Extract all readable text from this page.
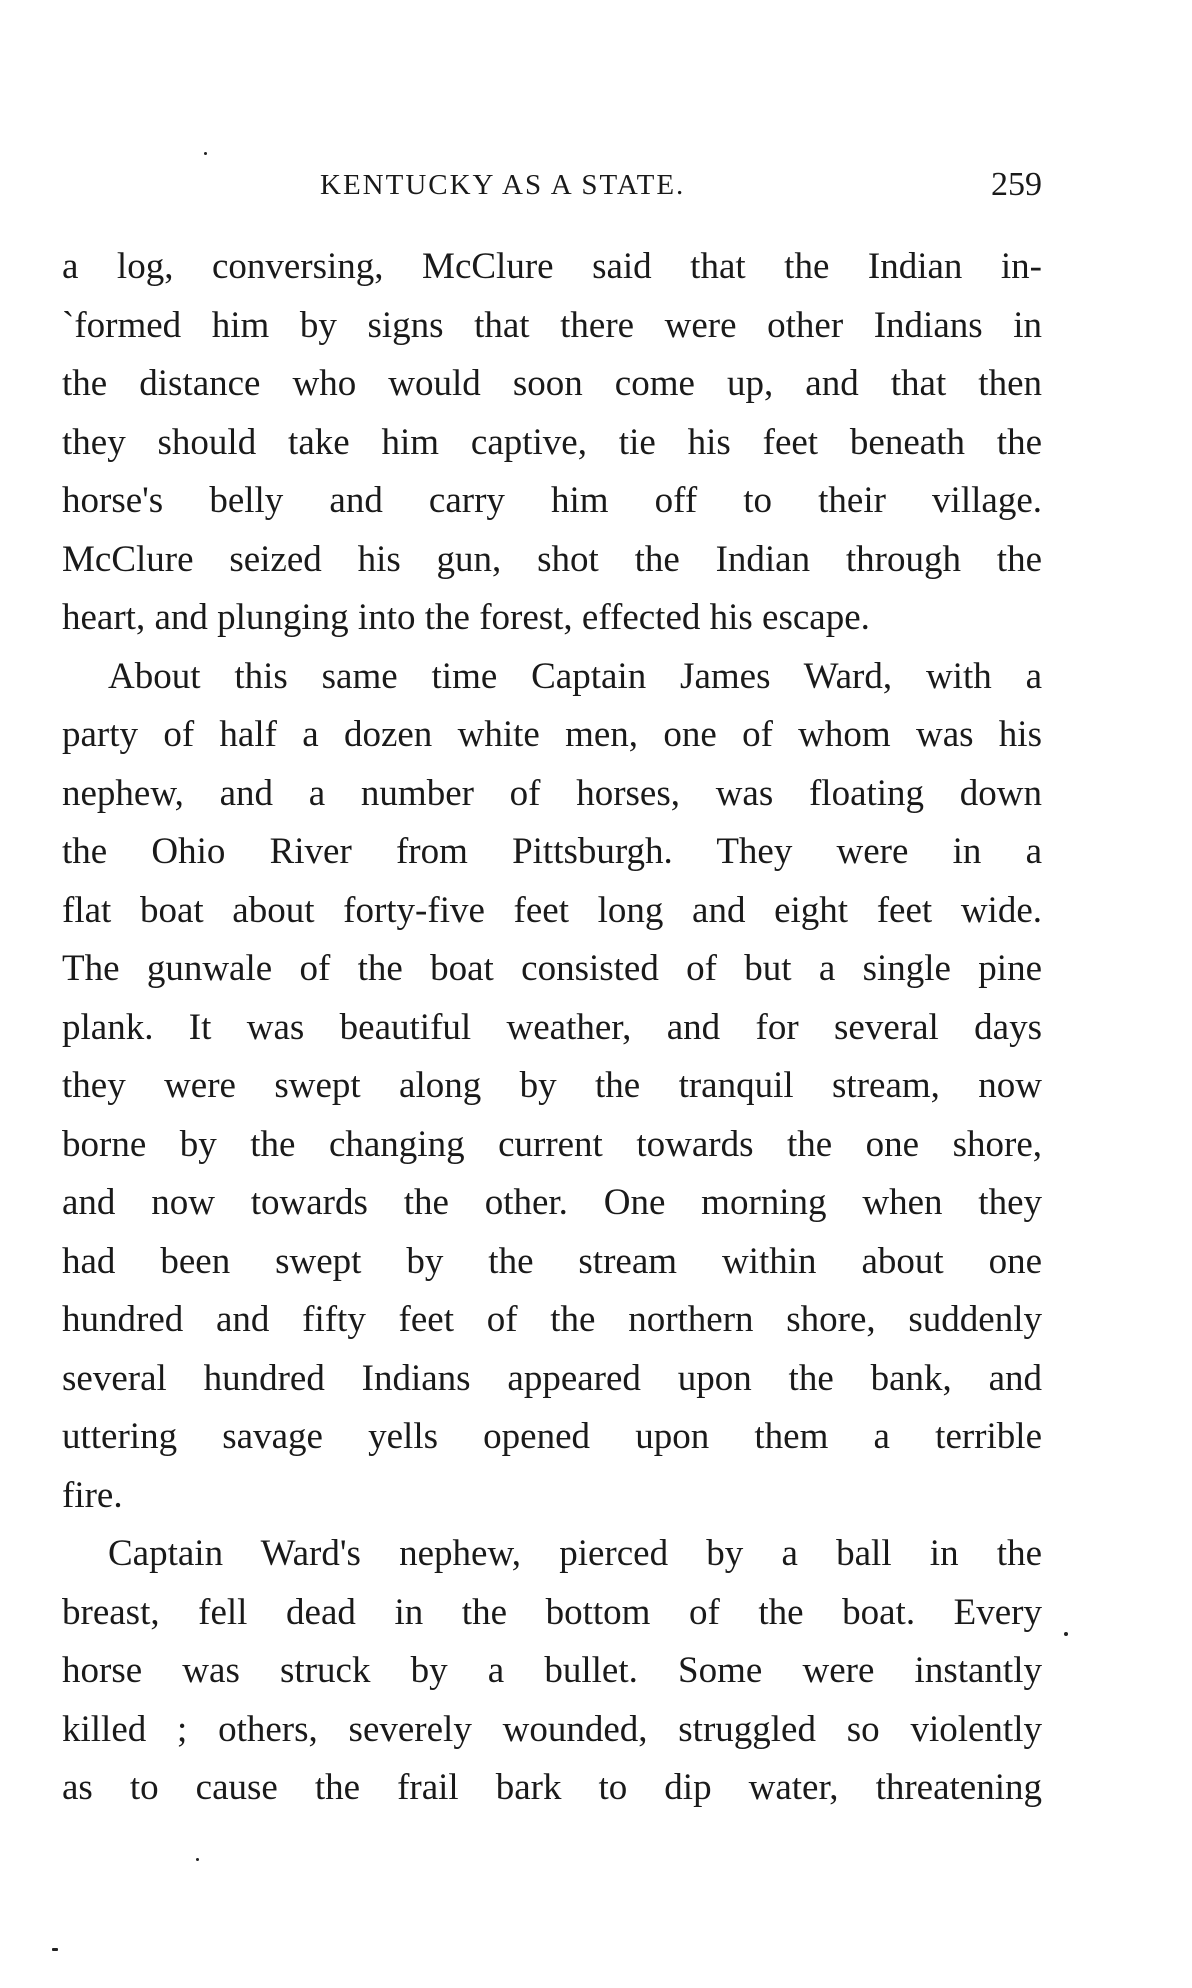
KENTUCKY AS A STATE.	259
a log, conversing, McClure said that the Indian in-
`formed him by signs that there were other Indians in
the distance who would soon come up, and that then
they should take him captive, tie his feet beneath the
horse's belly and carry him off to their village.
McClure seized his gun, shot the Indian through the
heart, and plunging into the forest, effected his escape.
About this same time Captain James Ward, with a
party of half a dozen white men, one of whom was his
nephew, and a number of horses, was floating down
the Ohio River from Pittsburgh. They were in a
flat boat about forty-five feet long and eight feet wide.
The gunwale of the boat consisted of but a single pine
plank. It was beautiful weather, and for several days
they were swept along by the tranquil stream, now
borne by the changing current towards the one shore,
and now towards the other. One morning when they
had been swept by the stream within about one
hundred and fifty feet of the northern shore, suddenly
several hundred Indians appeared upon the bank, and
uttering savage yells opened upon them a terrible
fire.
Captain Ward's nephew, pierced by a ball in the
breast, fell dead in the bottom of the boat. Every
horse was struck by a bullet. Some were instantly
killed ; others, severely wounded, struggled so violently
as to cause the frail bark to dip water, threatening
